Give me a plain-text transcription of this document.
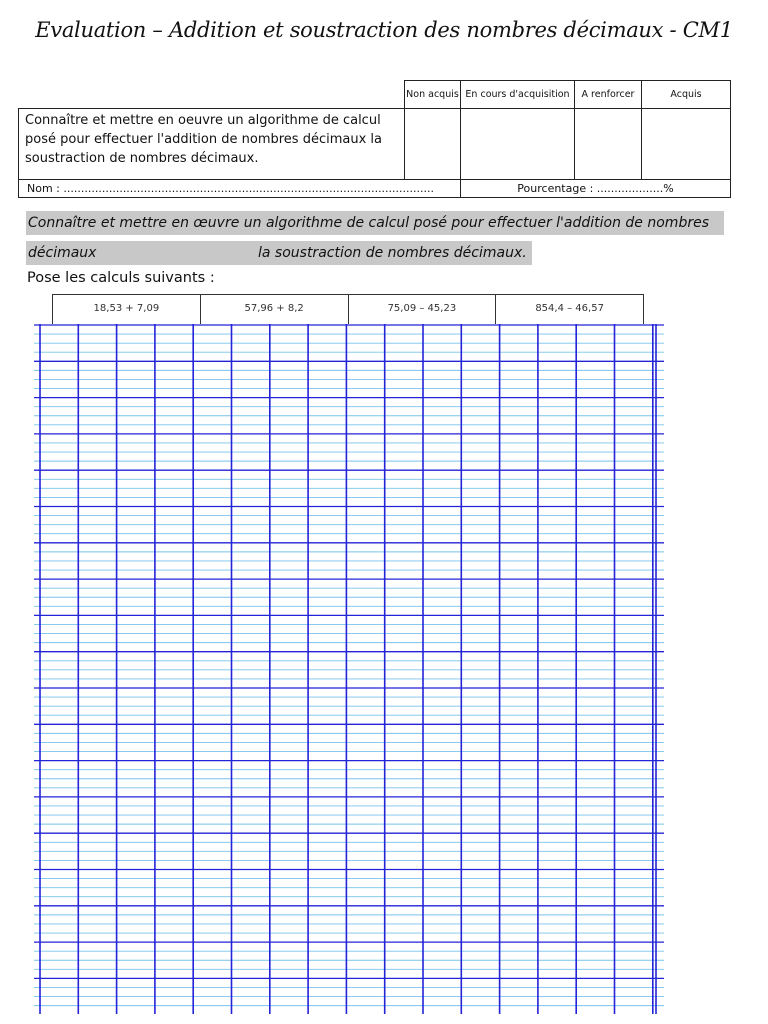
Evaluation – Addition et soustraction des nombres décimaux - CM1
	Non acquis	En cours d'acquisition	A renforcer	Acquis
Connaître et mettre en oeuvre un algorithme de calcul posé pour effectuer l'addition de nombres décimaux la soustraction de nombres décimaux.				
Nom : ..........................................................................................................		Pourcentage : ...................%		
Connaître et mettre en œuvre un algorithme de calcul posé pour effectuer l'addition de nombres
décimaux	la soustraction de nombres décimaux.
Pose les calculs suivants :
18,53 + 7,09	57,96 + 8,2	75,09 – 45,23	854,4 – 46,57
